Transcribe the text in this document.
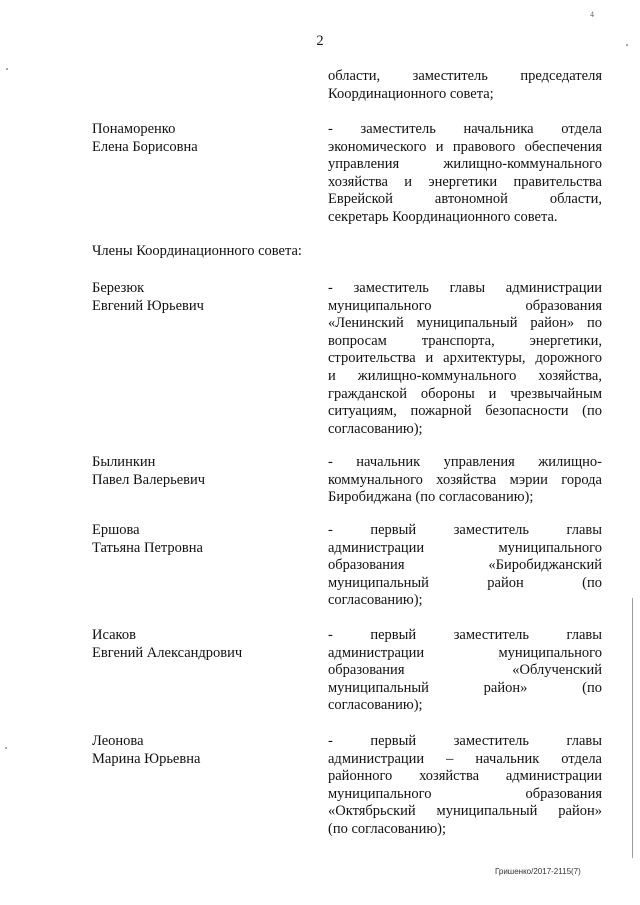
4
2
области, заместитель председателя
Координационного совета;
Понаморенко
Елена Борисовна
- заместитель начальника отдела
экономического и правового обеспечения
управления жилищно-коммунального
хозяйства и энергетики правительства
Еврейской автономной области,
секретарь Координационного совета.
Члены Координационного совета:
Березюк
Евгений Юрьевич
- заместитель главы администрации
муниципального образования
«Ленинский муниципальный район» по
вопросам транспорта, энергетики,
строительства и архитектуры, дорожного
и жилищно-коммунального хозяйства,
гражданской обороны и чрезвычайным
ситуациям, пожарной безопасности (по
согласованию);
Былинкин
Павел Валерьевич
- начальник управления жилищно-
коммунального хозяйства мэрии города
Биробиджана (по согласованию);
Ершова
Татьяна Петровна
- первый заместитель главы
администрации муниципального
образования «Биробиджанский
муниципальный район (по
согласованию);
Исаков
Евгений Александрович
- первый заместитель главы
администрации муниципального
образования «Облученский
муниципальный район» (по
согласованию);
Леонова
Марина Юрьевна
- первый заместитель главы
администрации – начальник отдела
районного хозяйства администрации
муниципального образования
«Октябрьский муниципальный район»
(по согласованию);
Гришенко/2017-2115(7)
